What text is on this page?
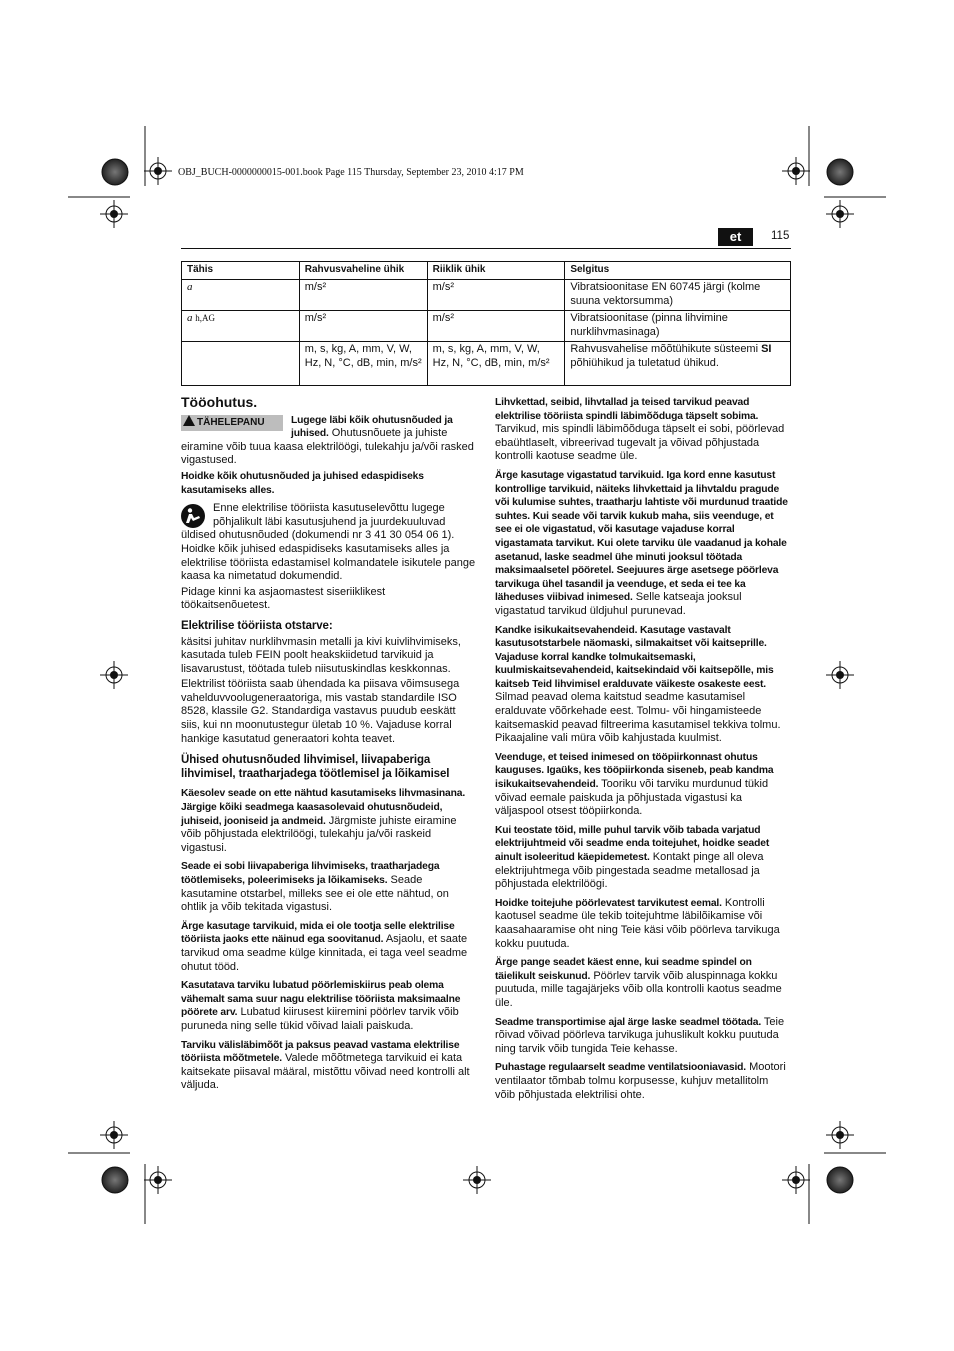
OBJ_BUCH-0000000015-001.book Page 115 Thursday, September 23, 2010 4:17 PM
et	115
Tähis	Rahvusvaheline ühik	Riiklik ühik	Selgitus
a	m/s²	m/s²	Vibratsioonitase EN 60745 järgi (kolme suuna vektorsumma)
a h,AG	m/s²	m/s²	Vibratsioonitase (pinna lihvimine nurklihvmasinaga)
	m, s, kg, A, mm, V, W, Hz, N, °C, dB, min, m/s²	m, s, kg, A, mm, V, W, Hz, N, °C, dB, min, m/s²	Rahvusvahelise mõõtühikute süsteemi SI põhiühikud ja tuletatud ühikud.
Tööohutus.
TÄHELEPANU	Lugege läbi kõik ohutusnõuded ja juhised. Ohutusnõuete ja juhiste eiramine võib tuua kaasa elektrilöögi, tulekahju ja/või rasked vigastused.

Hoidke kõik ohutusnõuded ja juhised edaspidiseks kasutamiseks alles.

Enne elektrilise tööriista kasutuselevõttu lugege põhjalikult läbi kasutusjuhend ja juurdekuuluvad üldised ohutusnõuded (dokumendi nr 3 41 30 054 06 1). Hoidke kõik juhised edaspidiseks kasutamiseks alles ja elektrilise tööriista edastamisel kolmandatele isikutele pange kaasa ka nimetatud dokumendid.

Pidage kinni ka asjaomastest siseriiklikest töökaitsenõuetest.

Elektrilise tööriista otstarve:

käsitsi juhitav nurklihvmasin metalli ja kivi kuivlihvimiseks, kasutada tuleb FEIN poolt heakskiidetud tarvikuid ja lisavarustust, töötada tuleb niisutuskindlas keskkonnas.

Elektrilist tööriista saab ühendada ka piisava võimsusega vahelduvvoolugeneraatoriga, mis vastab standardile ISO 8528, klassile G2. Standardiga vastavus puudub eeskätt siis, kui nn moonutustegur ületab 10 %. Vajaduse korral hankige kasutatud generaatori kohta teavet.

Ühised ohutusnõuded lihvimisel, liivapaberiga lihvimisel, traatharjadega töötlemisel ja lõikamisel

Käesolev seade on ette nähtud kasutamiseks lihvmasinana. Järgige kõiki seadmega kaasasolevaid ohutusnõudeid, juhiseid, jooniseid ja andmeid. Järgmiste juhiste eiramine võib põhjustada elektrilöögi, tulekahju ja/või raskeid vigastusi.

Seade ei sobi liivapaberiga lihvimiseks, traatharjadega töötlemiseks, poleerimiseks ja lõikamiseks. Seade kasutamine otstarbel, milleks see ei ole ette nähtud, on ohtlik ja võib tekitada vigastusi.

Ärge kasutage tarvikuid, mida ei ole tootja selle elektrilise tööriista jaoks ette näinud ega soovitanud. Asjaolu, et saate tarvikud oma seadme külge kinnitada, ei taga veel seadme ohutut tööd.

Kasutatava tarviku lubatud pöörlemiskiirus peab olema vähemalt sama suur nagu elektrilise tööriista maksimaalne pöörete arv. Lubatud kiirusest kiiremini pöörlev tarvik võib puruneda ning selle tükid võivad laiali paiskuda.

Tarviku välisläbimõõt ja paksus peavad vastama elektrilise tööriista mõõtmetele. Valede mõõtmetega tarvikuid ei kata kaitsekate piisaval määral, mistõttu võivad need kontrolli alt väljuda.

Lihvkettad, seibid, lihvtallad ja teised tarvikud peavad elektrilise tööriista spindli läbimõõduga täpselt sobima. Tarvikud, mis spindli läbimõõduga täpselt ei sobi, pöörlevad ebaühtlaselt, vibreerivad tugevalt ja võivad põhjustada kontrolli kaotuse seadme üle.

Ärge kasutage vigastatud tarvikuid. Iga kord enne kasutust kontrollige tarvikuid, näiteks lihvkettaid ja lihvtaldu pragude või kulumise suhtes, traatharju lahtiste või murdunud traatide suhtes. Kui seade või tarvik kukub maha, siis veenduge, et see ei ole vigastatud, või kasutage vajaduse korral vigastamata tarvikut. Kui olete tarviku üle vaadanud ja kohale asetanud, laske seadmel ühe minuti jooksul töötada maksimaalsetel pööretel. Seejuures ärge asetsege pöörleva tarvikuga ühel tasandil ja veenduge, et seda ei tee ka läheduses viibivad inimesed. Selle katseaja jooksul vigastatud tarvikud üldjuhul purunevad.

Kandke isikukaitsevahendeid. Kasutage vastavalt kasutusotstarbele näomaski, silmakaitset või kaitseprille. Vajaduse korral kandke tolmukaitsemaski, kuulmiskaitsevahendeid, kaitsekindaid või kaitsepõlle, mis kaitseb Teid lihvimisel eralduvate väikeste osakeste eest. Silmad peavad olema kaitstud seadme kasutamisel eralduvate võõrkehade eest. Tolmu- või hingamisteede kaitsemaskid peavad filtreerima kasutamisel tekkiva tolmu. Pikaajaline vali müra võib kahjustada kuulmist.

Veenduge, et teised inimesed on tööpiirkonnast ohutus kauguses. Igaüks, kes tööpiirkonda siseneb, peab kandma isikukaitsevahendeid. Tooriku või tarviku murdunud tükid võivad eemale paiskuda ja põhjustada vigastusi ka väljaspool otsest tööpiirkonda.

Kui teostate töid, mille puhul tarvik võib tabada varjatud elektrijuhtmeid või seadme enda toitejuhet, hoidke seadet ainult isoleeritud käepidemetest. Kontakt pinge all oleva elektrijuhtmega võib pingestada seadme metallosad ja põhjustada elektrilöögi.

Hoidke toitejuhe pöörlevatest tarvikutest eemal. Kontrolli kaotusel seadme üle tekib toitejuhtme läbilõikamise või kaasahaaramise oht ning Teie käsi võib pöörleva tarvikuga kokku puutuda.

Ärge pange seadet käest enne, kui seadme spindel on täielikult seiskunud. Pöörlev tarvik võib aluspinnaga kokku puutuda, mille tagajärjeks võib olla kontrolli kaotus seadme üle.

Seadme transportimise ajal ärge laske seadmel töötada. Teie rõivad võivad pöörleva tarvikuga juhuslikult kokku puutuda ning tarvik võib tungida Teie kehasse.

Puhastage regulaarselt seadme ventilatsiooniavasid. Mootori ventilaator tõmbab tolmu korpusesse, kuhjuv metallitolm võib põhjustada elektrilisi ohte.
